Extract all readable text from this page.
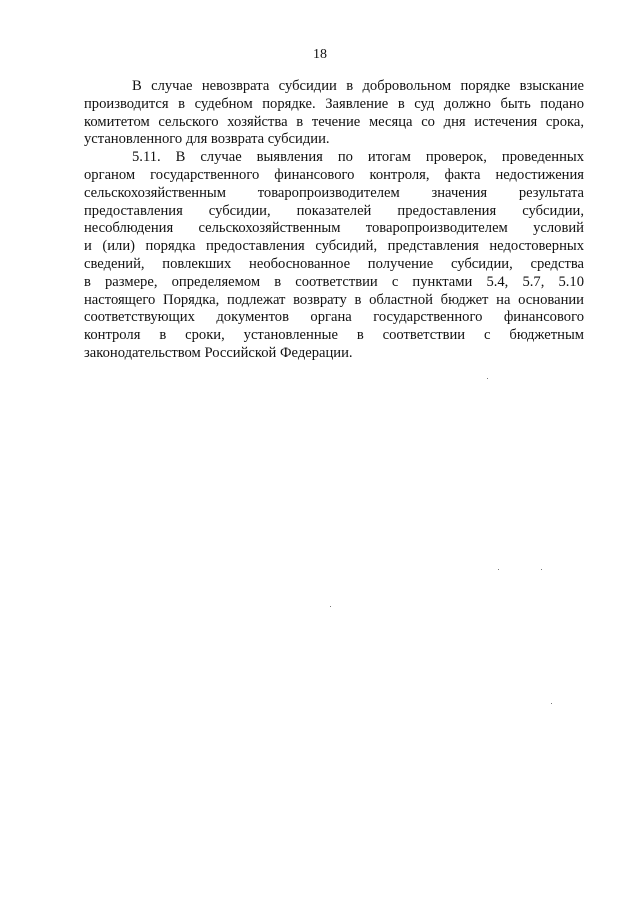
18
В случае невозврата субсидии в добровольном порядке взыскание
производится в судебном порядке. Заявление в суд должно быть подано
комитетом сельского хозяйства в течение месяца со дня истечения срока,
установленного для возврата субсидии.
5.11. В случае выявления по итогам проверок, проведенных
органом государственного финансового контроля, факта недостижения
сельскохозяйственным товаропроизводителем значения результата
предоставления субсидии, показателей предоставления субсидии,
несоблюдения сельскохозяйственным товаропроизводителем условий
и (или) порядка предоставления субсидий, представления недостоверных
сведений, повлекших необоснованное получение субсидии, средства
в размере, определяемом в соответствии с пунктами 5.4, 5.7, 5.10
настоящего Порядка, подлежат возврату в областной бюджет на основании
соответствующих документов органа государственного финансового
контроля в сроки, установленные в соответствии с бюджетным
законодательством Российской Федерации.
